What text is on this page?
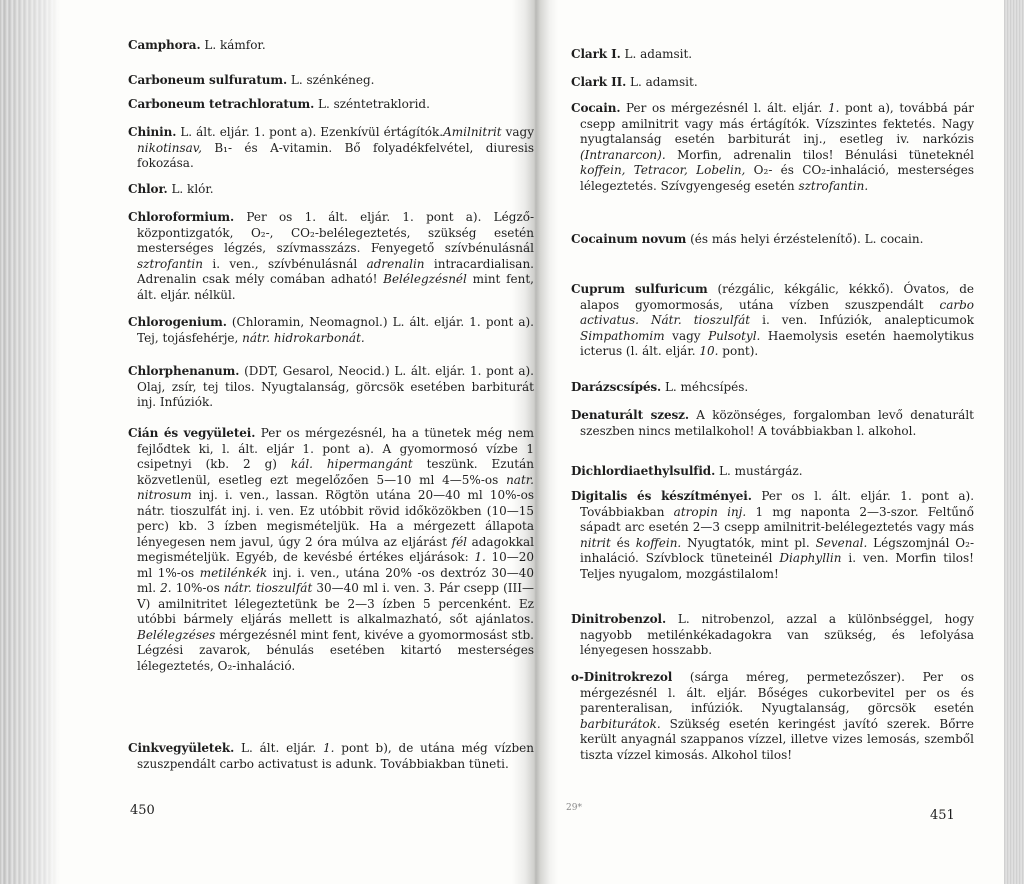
Camphora. L. kámfor.

Carboneum sulfuratum. L. szénkéneg.

Carboneum tetrachloratum. L. széntetraklorid.

Chinin. L. ált. eljár. 1. pont a). Ezenkívül értágítók.Amilnitrit vagy nikotinsav, B₁- és A-vitamin. Bő folyadékfelvétel, diuresis fokozása.

Chlor. L. klór.

Chloroformium. Per os 1. ált. eljár. 1. pont a). Légző-központizgatók, O₂-, CO₂-belélegeztetés, szükség esetén mesterséges légzés, szívmasszázs. Fenyegető szívbénulásnál sztrofantin i. ven., szívbénulásnál adrenalin intracardialisan. Adrenalin csak mély comában adható! Belélegzésnél mint fent, ált. eljár. nélkül.

Chlorogenium. (Chloramin, Neomagnol.) L. ált. eljár. 1. pont a). Tej, tojásfehérje, nátr. hidrokarbonát.

Chlorphenanum. (DDT, Gesarol, Neocid.) L. ált. eljár. 1. pont a). Olaj, zsír, tej tilos. Nyugtalanság, görcsök esetében barbiturát inj. Infúziók.

Cián és vegyületei. Per os mérgezésnél, ha a tünetek még nem fejlődtek ki, l. ált. eljár 1. pont a). A gyomormosó vízbe 1 csipetnyi (kb. 2 g) kál. hipermangánt teszünk. Ezután közvetlenül, esetleg ezt megelőzően 5—10 ml 4—5%-os natr. nitrosum inj. i. ven., lassan. Rögtön utána 20—40 ml 10%-os nátr. tioszulfát inj. i. ven. Ez utóbbit rövid időközökben (10—15 perc) kb. 3 ízben megismételjük. Ha a mérgezett állapota lényegesen nem javul, úgy 2 óra múlva az eljárást fél adagokkal megismételjük. Egyéb, de kevésbé értékes eljárások: 1. 10—20 ml 1%-os metilénkék inj. i. ven., utána 20% -os dextróz 30—40 ml. 2. 10%-os nátr. tioszulfát 30—40 ml i. ven. 3. Pár csepp (III—V) amilnitritet lélegeztetünk be 2—3 ízben 5 percenként. Ez utóbbi bármely eljárás mellett is alkalmazható, sőt ajánlatos. Belélegzéses mérgezésnél mint fent, kivéve a gyomormosást stb. Légzési zavarok, bénulás esetében kitartó mesterséges lélegeztetés, O₂-inhaláció.

Cinkvegyületek. L. ált. eljár. 1. pont b), de utána még vízben szuszpendált carbo activatust is adunk. Továbbiakban tüneti.

450

Clark I. L. adamsit.

Clark II. L. adamsit.

Cocain. Per os mérgezésnél l. ált. eljár. 1. pont a), továbbá pár csepp amilnitrit vagy más értágítók. Vízszintes fektetés. Nagy nyugtalanság esetén barbiturát inj., esetleg iv. narkózis (Intranarcon). Morfin, adrenalin tilos! Bénulási tüneteknél koffein, Tetracor, Lobelin, O₂- és CO₂-inhaláció, mesterséges lélegeztetés. Szívgyengeség esetén sztrofantin.

Cocainum novum (és más helyi érzéstelenítő). L. cocain.

Cuprum sulfuricum (rézgálic, kékgálic, kékkő). Óvatos, de alapos gyomormosás, utána vízben szuszpendált carbo activatus. Nátr. tioszulfát i. ven. Infúziók, analepticumok Simpathomim vagy Pulsotyl. Haemolysis esetén haemolytikus icterus (l. ált. eljár. 10. pont).

Darázscsípés. L. méhcsípés.

Denaturált szesz. A közönséges, forgalomban levő denaturált szeszben nincs metilalkohol! A továbbiakban l. alkohol.

Dichlordiaethylsulfid. L. mustárgáz.

Digitalis és készítményei. Per os l. ált. eljár. 1. pont a). Továbbiakban atropin inj. 1 mg naponta 2—3-szor. Feltűnő sápadt arc esetén 2—3 csepp amilnitrit-belélegeztetés vagy más nitrit és koffein. Nyugtatók, mint pl. Sevenal. Légszomjnál O₂-inhaláció. Szívblock tüneteinél Diaphyllin i. ven. Morfin tilos! Teljes nyugalom, mozgástilalom!

Dinitrobenzol. L. nitrobenzol, azzal a különbséggel, hogy nagyobb metilénkékadagokra van szükség, és lefolyása lényegesen hosszabb.

o-Dinitrokrezol (sárga méreg, permetezőszer). Per os mérgezésnél l. ált. eljár. Bőséges cukorbevitel per os és parenteralisan, infúziók. Nyugtalanság, görcsök esetén barbiturátok. Szükség esetén keringést javító szerek. Bőrre került anyagnál szappanos vízzel, illetve vizes lemosás, szemből tiszta vízzel kimosás. Alkohol tilos!

29*	451
